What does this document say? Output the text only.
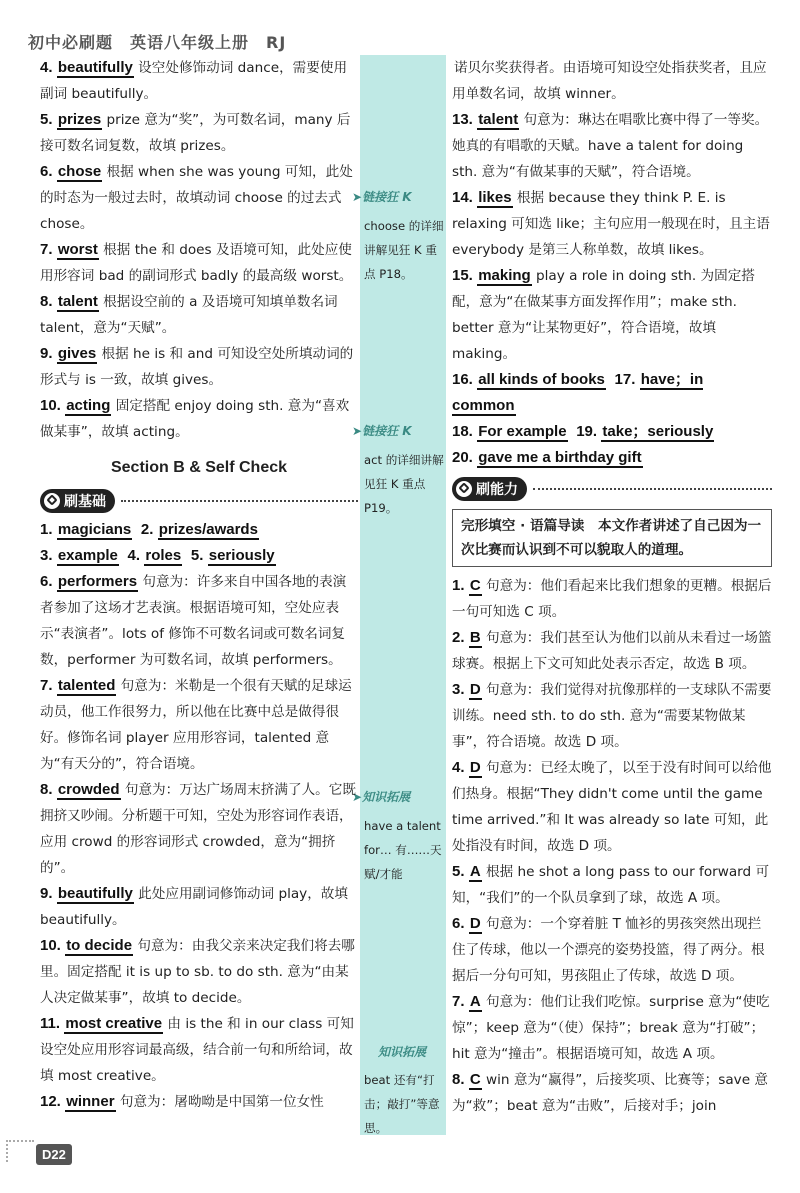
初中必刷题　英语八年级上册　RJ
➤链接狂 K
choose 的详细讲解见狂 K 重点 P18。
➤链接狂 K
act 的详细讲解见狂 K 重点 P19。
➤知识拓展
have a talent for… 有……天赋/才能
知识拓展
beat 还有“打击；敲打”等意思。

4. beautifully 设空处修饰动词 dance，需要使用副词 beautifully。

5. prizes prize 意为“奖”，为可数名词，many 后接可数名词复数，故填 prizes。

6. chose 根据 when she was young 可知，此处的时态为一般过去时，故填动词 choose 的过去式 chose。

7. worst 根据 the 和 does 及语境可知，此处应使用形容词 bad 的副词形式 badly 的最高级 worst。

8. talent 根据设空前的 a 及语境可知填单数名词 talent，意为“天赋”。

9. gives 根据 he is 和 and 可知设空处所填动词的形式与 is 一致，故填 gives。

10. acting 固定搭配 enjoy doing sth. 意为“喜欢做某事”，故填 acting。

Section B & Self Check
刷基础

1. magicians 2. prizes/awards

3. example 4. roles 5. seriously

6. performers 句意为：许多来自中国各地的表演者参加了这场才艺表演。根据语境可知，空处应表示“表演者”。lots of 修饰不可数名词或可数名词复数，performer 为可数名词，故填 performers。

7. talented 句意为：米勒是一个很有天赋的足球运动员，他工作很努力，所以他在比赛中总是做得很好。修饰名词 player 应用形容词，talented 意为“有天分的”，符合语境。

8. crowded 句意为：万达广场周末挤满了人。它既拥挤又吵闹。分析题干可知，空处为形容词作表语，应用 crowd 的形容词形式 crowded，意为“拥挤的”。

9. beautifully 此处应用副词修饰动词 play，故填 beautifully。

10. to decide 句意为：由我父亲来决定我们将去哪里。固定搭配 it is up to sb. to do sth. 意为“由某人决定做某事”，故填 to decide。

11. most creative 由 is the 和 in our class 可知设空处应用形容词最高级，结合前一句和所给词，故填 most creative。

12. winner 句意为：屠呦呦是中国第一位女性

诺贝尔奖获得者。由语境可知设空处指获奖者，且应用单数名词，故填 winner。

13. talent 句意为：琳达在唱歌比赛中得了一等奖。她真的有唱歌的天赋。have a talent for doing sth. 意为“有做某事的天赋”，符合语境。

14. likes 根据 because they think P. E. is relaxing 可知选 like；主句应用一般现在时，且主语 everybody 是第三人称单数，故填 likes。

15. making play a role in doing sth. 为固定搭配，意为“在做某事方面发挥作用”；make sth. better 意为“让某物更好”，符合语境，故填 making。

16. all kinds of books 17. have；in common

18. For example 19. take；seriously

20. gave me a birthday gift

刷能力
完形填空 · 语篇导读　本文作者讲述了自己因为一次比赛而认识到不可以貌取人的道理。

1. C 句意为：他们看起来比我们想象的更糟。根据后一句可知选 C 项。

2. B 句意为：我们甚至认为他们以前从未看过一场篮球赛。根据上下文可知此处表示否定，故选 B 项。

3. D 句意为：我们觉得对抗像那样的一支球队不需要训练。need sth. to do sth. 意为“需要某物做某事”，符合语境。故选 D 项。

4. D 句意为：已经太晚了，以至于没有时间可以给他们热身。根据“They didn't come until the game time arrived.”和 It was already so late 可知，此处指没有时间，故选 D 项。

5. A 根据 he shot a long pass to our forward 可知，“我们”的一个队员拿到了球，故选 A 项。

6. D 句意为：一个穿着脏 T 恤衫的男孩突然出现拦住了传球，他以一个漂亮的姿势投篮，得了两分。根据后一分句可知，男孩阻止了传球，故选 D 项。

7. A 句意为：他们让我们吃惊。surprise 意为“使吃惊”；keep 意为“（使）保持”；break 意为“打破”；hit 意为“撞击”。根据语境可知，故选 A 项。

8. C win 意为“赢得”，后接奖项、比赛等；save 意为“救”；beat 意为“击败”，后接对手；join

D22
